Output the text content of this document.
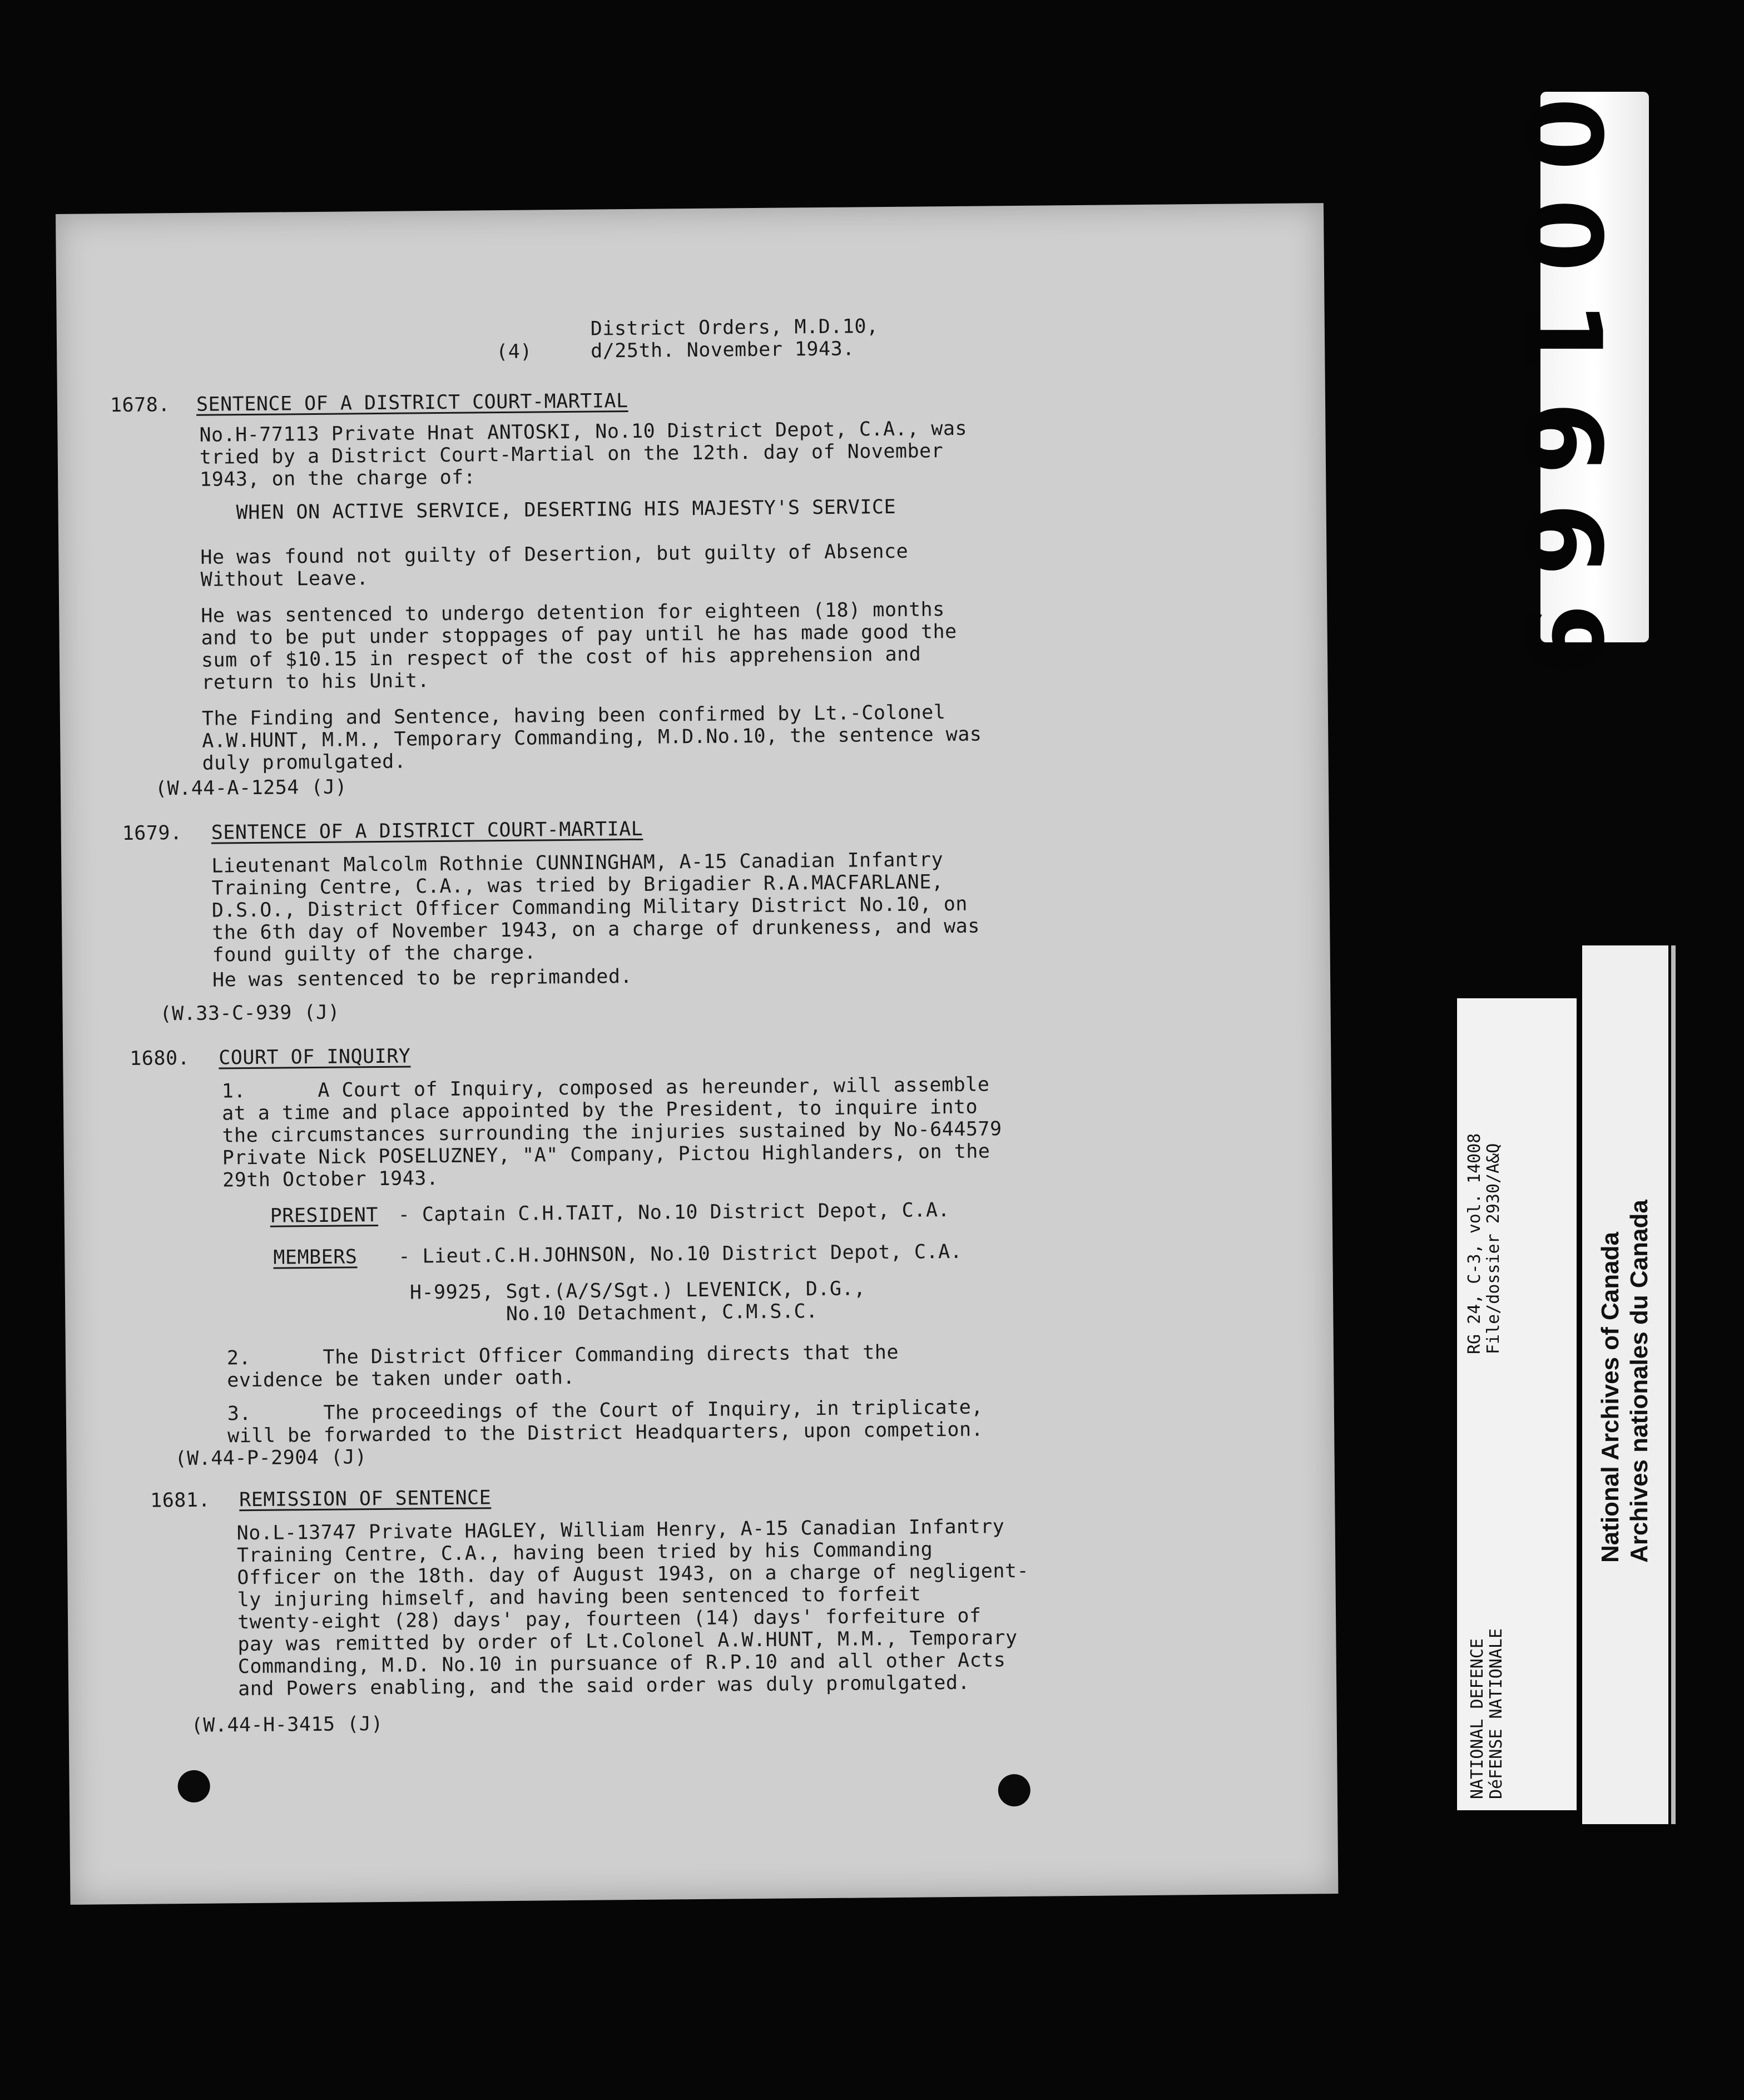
District Orders, M.D.10,
(4)	d/25th. November 1943.
1678. SENTENCE OF A DISTRICT COURT-MARTIAL
No.H-77113 Private Hnat ANTOSKI, No.10 District Depot, C.A., was
tried by a District Court-Martial on the 12th. day of November
1943, on the charge of:
WHEN ON ACTIVE SERVICE, DESERTING HIS MAJESTY'S SERVICE
He was found not guilty of Desertion, but guilty of Absence
Without Leave.
He was sentenced to undergo detention for eighteen (18) months
and to be put under stoppages of pay until he has made good the
sum of $10.15 in respect of the cost of his apprehension and
return to his Unit.
The Finding and Sentence, having been confirmed by Lt.-Colonel
A.W.HUNT, M.M., Temporary Commanding, M.D.No.10, the sentence was
duly promulgated.
(W.44-A-1254 (J)
1679. SENTENCE OF A DISTRICT COURT-MARTIAL
Lieutenant Malcolm Rothnie CUNNINGHAM, A-15 Canadian Infantry
Training Centre, C.A., was tried by Brigadier R.A.MACFARLANE,
D.S.O., District Officer Commanding Military District No.10, on
the 6th day of November 1943, on a charge of drunkeness, and was
found guilty of the charge.
He was sentenced to be reprimanded.
(W.33-C-939 (J)
1680. COURT OF INQUIRY
1.      A Court of Inquiry, composed as hereunder, will assemble
at a time and place appointed by the President, to inquire into
the circumstances surrounding the injuries sustained by No-644579
Private Nick POSELUZNEY, "A" Company, Pictou Highlanders, on the
29th October 1943.
PRESIDENT - Captain C.H.TAIT, No.10 District Depot, C.A.
MEMBERS - Lieut.C.H.JOHNSON, No.10 District Depot, C.A.
H-9925, Sgt.(A/S/Sgt.) LEVENICK, D.G.,
No.10 Detachment, C.M.S.C.
2.      The District Officer Commanding directs that the
evidence be taken under oath.
3.      The proceedings of the Court of Inquiry, in triplicate,
will be forwarded to the District Headquarters, upon competion.
(W.44-P-2904 (J)
1681. REMISSION OF SENTENCE
No.L-13747 Private HAGLEY, William Henry, A-15 Canadian Infantry
Training Centre, C.A., having been tried by his Commanding
Officer on the 18th. day of August 1943, on a charge of negligent-
ly injuring himself, and having been sentenced to forfeit
twenty-eight (28) days' pay, fourteen (14) days' forfeiture of
pay was remitted by order of Lt.Colonel A.W.HUNT, M.M., Temporary
Commanding, M.D. No.10 in pursuance of R.P.10 and all other Acts
and Powers enabling, and the said order was duly promulgated.
(W.44-H-3415 (J)
001669
RG 24, C-3, vol. 14008
File/dossier 2930/A&Q
NATIONAL DEFENCE
DéFENSE NATIONALE
National Archives of Canada
Archives nationales du Canada
